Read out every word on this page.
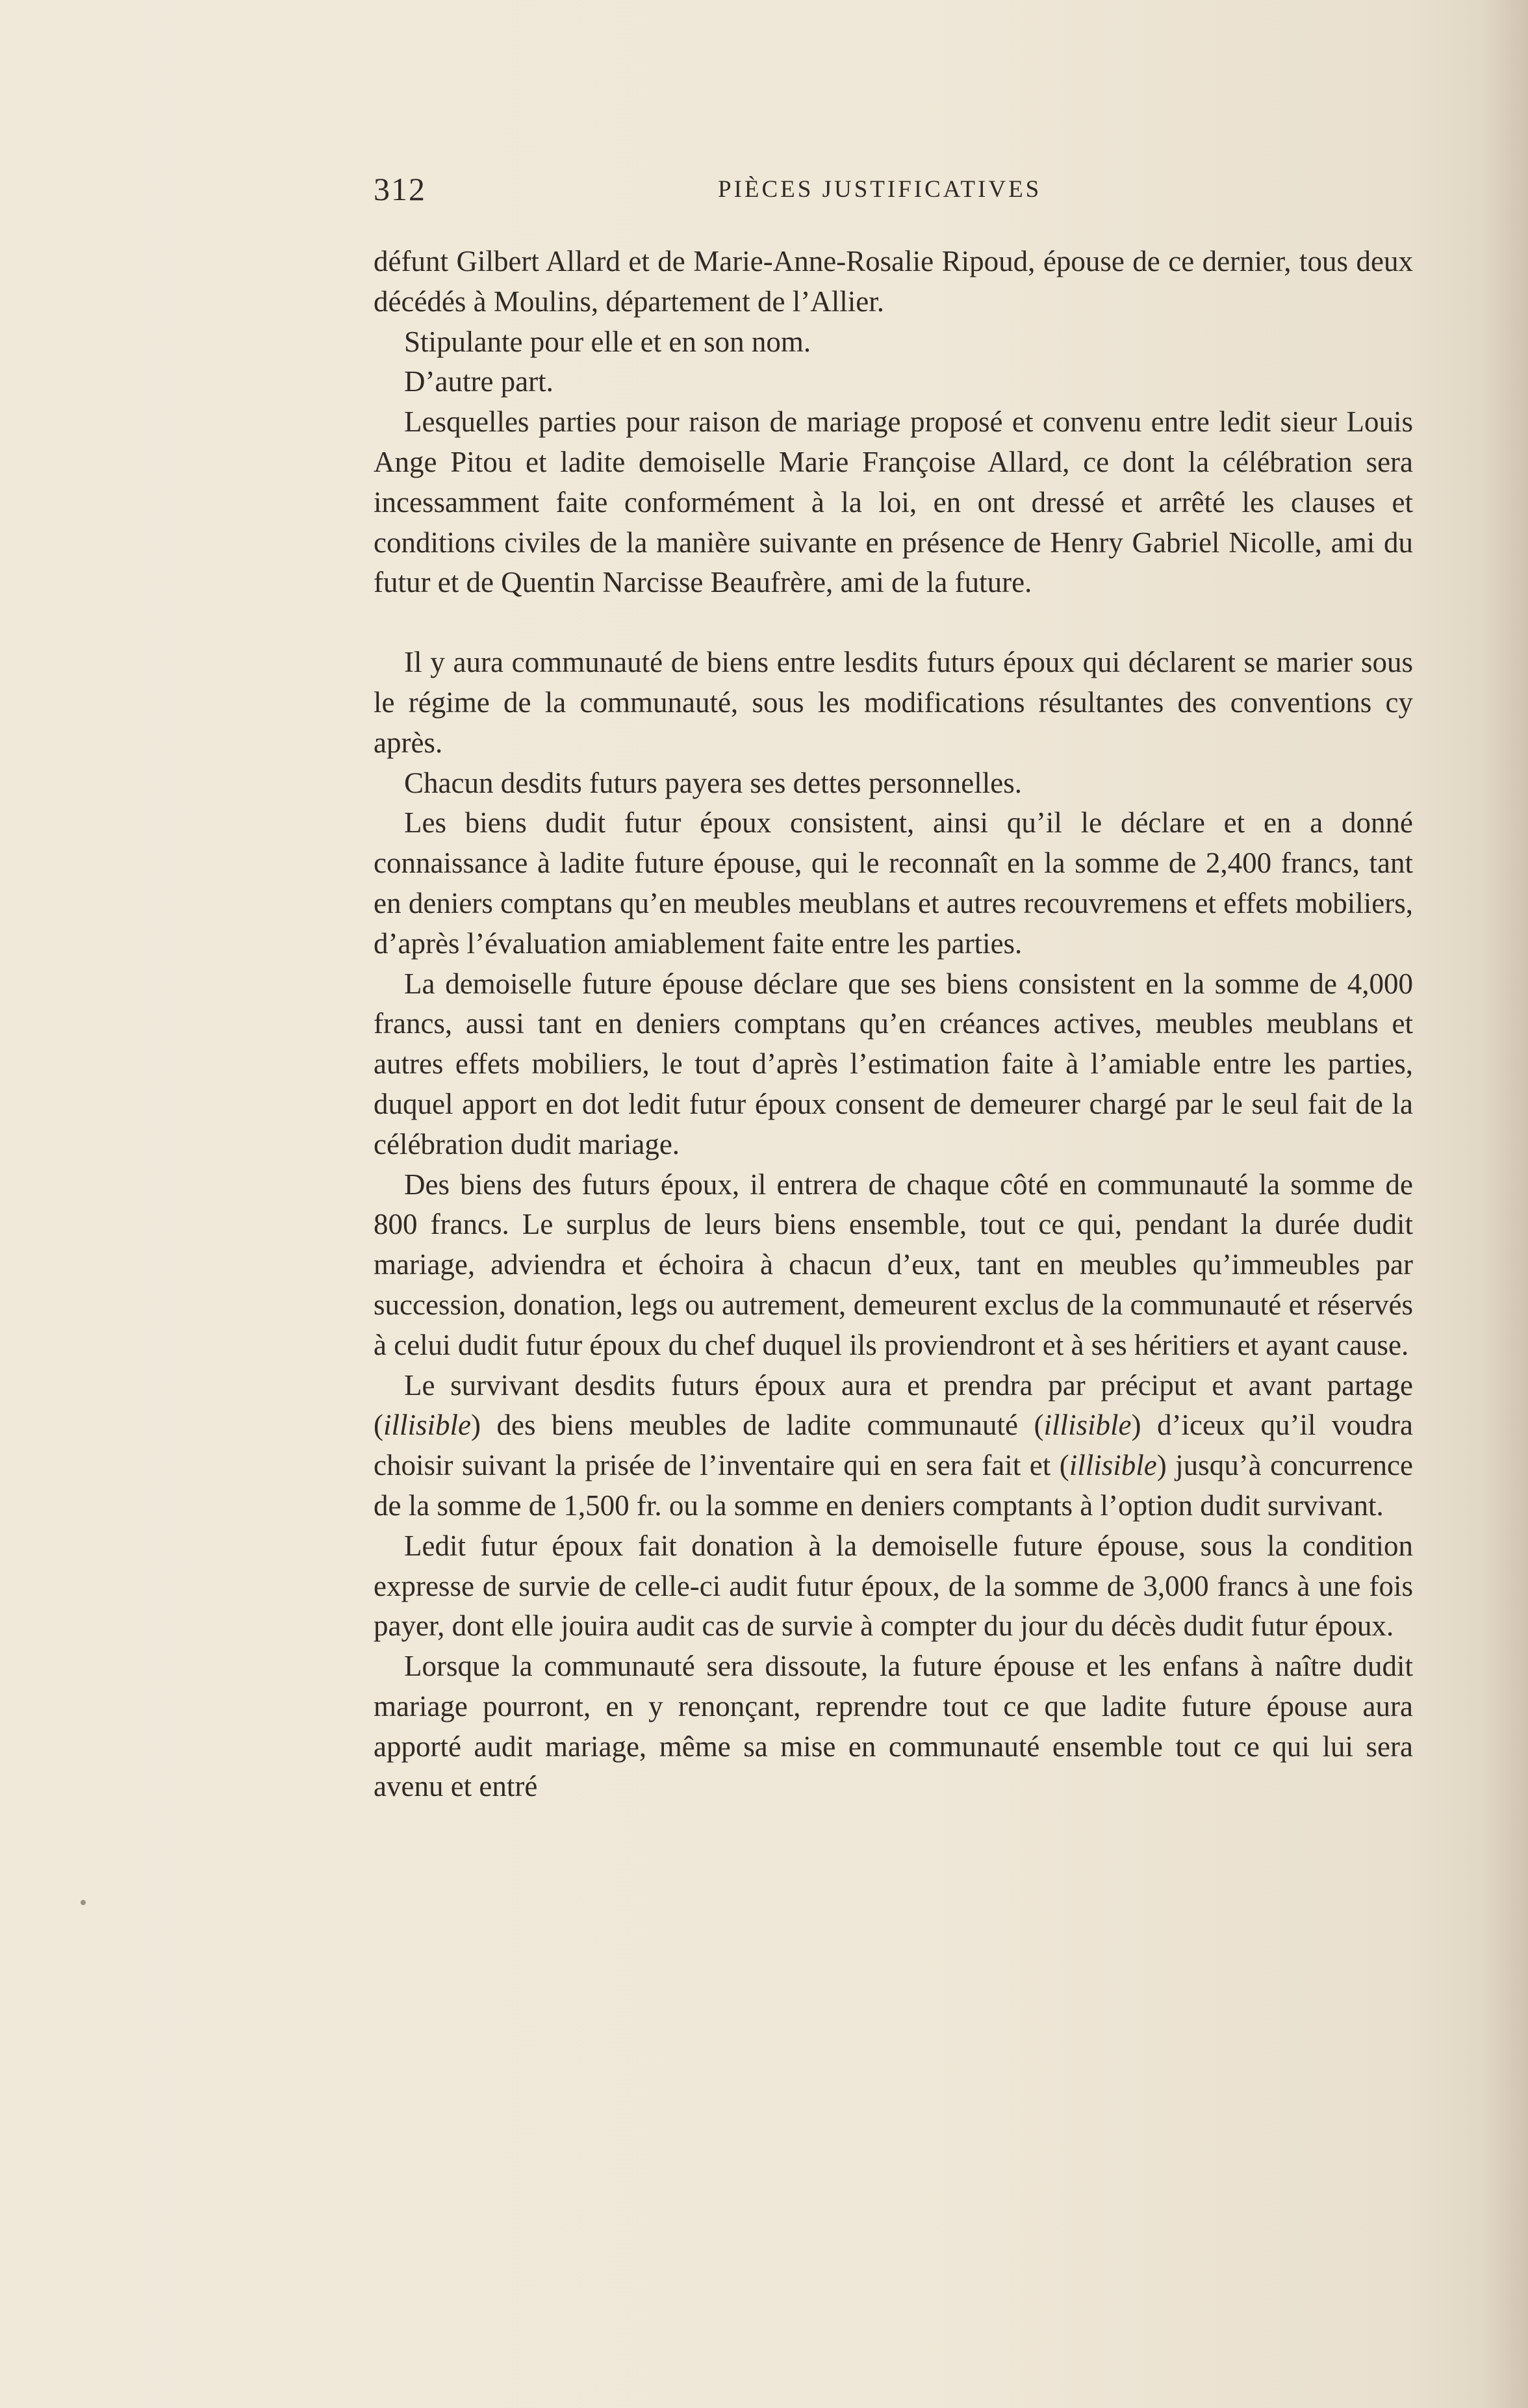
312	PIÈCES JUSTIFICATIVES

défunt Gilbert Allard et de Marie-Anne-Rosalie Ripoud, épouse de ce dernier, tous deux décédés à Moulins, département de l’Allier.

Stipulante pour elle et en son nom.

D’autre part.

Lesquelles parties pour raison de mariage proposé et convenu entre ledit sieur Louis Ange Pitou et ladite demoiselle Marie Françoise Allard, ce dont la célébration sera incessamment faite conformément à la loi, en ont dressé et arrêté les clauses et conditions civiles de la manière suivante en présence de Henry Gabriel Nicolle, ami du futur et de Quentin Narcisse Beaufrère, ami de la future.

Il y aura communauté de biens entre lesdits futurs époux qui déclarent se marier sous le régime de la communauté, sous les modifications résultantes des conventions cy après.

Chacun desdits futurs payera ses dettes personnelles.

Les biens dudit futur époux consistent, ainsi qu’il le déclare et en a donné connaissance à ladite future épouse, qui le reconnaît en la somme de 2,400 francs, tant en deniers comptans qu’en meubles meublans et autres recouvremens et effets mobiliers, d’après l’évaluation amiablement faite entre les parties.

La demoiselle future épouse déclare que ses biens consistent en la somme de 4,000 francs, aussi tant en deniers comptans qu’en créances actives, meubles meublans et autres effets mobiliers, le tout d’après l’estimation faite à l’amiable entre les parties, duquel apport en dot ledit futur époux consent de demeurer chargé par le seul fait de la célébration dudit mariage.

Des biens des futurs époux, il entrera de chaque côté en communauté la somme de 800 francs. Le surplus de leurs biens ensemble, tout ce qui, pendant la durée dudit mariage, adviendra et échoira à chacun d’eux, tant en meubles qu’immeubles par succession, donation, legs ou autrement, demeurent exclus de la communauté et réservés à celui dudit futur époux du chef duquel ils proviendront et à ses héritiers et ayant cause.

Le survivant desdits futurs époux aura et prendra par préciput et avant partage (illisible) des biens meubles de ladite communauté (illisible) d’iceux qu’il voudra choisir suivant la prisée de l’inventaire qui en sera fait et (illisible) jusqu’à concurrence de la somme de 1,500 fr. ou la somme en deniers comptants à l’option dudit survivant.

Ledit futur époux fait donation à la demoiselle future épouse, sous la condition expresse de survie de celle-ci audit futur époux, de la somme de 3,000 francs à une fois payer, dont elle jouira audit cas de survie à compter du jour du décès dudit futur époux.

Lorsque la communauté sera dissoute, la future épouse et les enfans à naître dudit mariage pourront, en y renonçant, reprendre tout ce que ladite future épouse aura apporté audit mariage, même sa mise en communauté ensemble tout ce qui lui sera avenu et entré
